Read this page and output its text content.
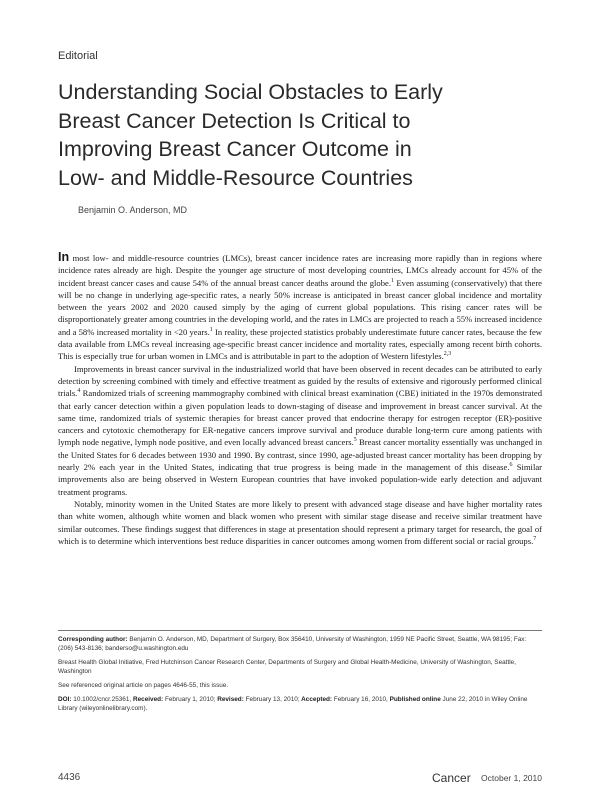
Editorial
Understanding Social Obstacles to Early
Breast Cancer Detection Is Critical to
Improving Breast Cancer Outcome in
Low- and Middle-Resource Countries
Benjamin O. Anderson, MD

In most low- and middle-resource countries (LMCs), breast cancer incidence rates are increasing more rapidly than in regions where incidence rates already are high. Despite the younger age structure of most developing countries, LMCs already account for 45% of the incident breast cancer cases and cause 54% of the annual breast cancer deaths around the globe.$^1$ Even assuming (conservatively) that there will be no change in underlying age-specific rates, a nearly 50% increase is anticipated in breast cancer global incidence and mortality between the years 2002 and 2020 caused simply by the aging of current global populations. This rising cancer rates will be disproportionately greater among countries in the developing world, and the rates in LMCs are projected to reach a 55% increased incidence and a 58% increased mortality in <20 years.$^1$ In reality, these projected statistics probably underestimate future cancer rates, because the few data available from LMCs reveal increasing age-specific breast cancer incidence and mortality rates, especially among recent birth cohorts. This is especially true for urban women in LMCs and is attributable in part to the adoption of Western lifestyles.$^{2,3}$

Improvements in breast cancer survival in the industrialized world that have been observed in recent decades can be attributed to early detection by screening combined with timely and effective treatment as guided by the results of extensive and rigorously performed clinical trials.$^4$ Randomized trials of screening mammography combined with clinical breast examination (CBE) initiated in the 1970s demonstrated that early cancer detection within a given population leads to down-staging of disease and improvement in breast cancer survival. At the same time, randomized trials of systemic therapies for breast cancer proved that endocrine therapy for estrogen receptor (ER)-positive cancers and cytotoxic chemotherapy for ER-negative cancers improve survival and produce durable long-term cure among patients with lymph node negative, lymph node positive, and even locally advanced breast cancers.$^5$ Breast cancer mortality essentially was unchanged in the United States for 6 decades between 1930 and 1990. By contrast, since 1990, age-adjusted breast cancer mortality has been dropping by nearly 2% each year in the United States, indicating that true progress is being made in the management of this disease.$^6$ Similar improvements also are being observed in Western European countries that have invoked population-wide early detection and adjuvant treatment programs.

Notably, minority women in the United States are more likely to present with advanced stage disease and have higher mortality rates than white women, although white women and black women who present with similar stage disease and receive similar treatment have similar outcomes. These findings suggest that differences in stage at presentation should represent a primary target for research, the goal of which is to determine which interventions best reduce disparities in cancer outcomes among women from different social or racial groups.$^7$

Corresponding author: Benjamin O. Anderson, MD, Department of Surgery, Box 356410, University of Washington, 1959 NE Pacific Street, Seattle, WA 98195; Fax: (206) 543-8136; banderso@u.washington.edu

Breast Health Global Initiative, Fred Hutchinson Cancer Research Center, Departments of Surgery and Global Health-Medicine, University of Washington, Seattle, Washington

See referenced original article on pages 4646-55, this issue.

DOI: 10.1002/cncr.25361, Received: February 1, 2010; Revised: February 13, 2010; Accepted: February 16, 2010, Published online June 22, 2010 in Wiley Online Library (wileyonlinelibrary.com).

4436	Cancer October 1, 2010
